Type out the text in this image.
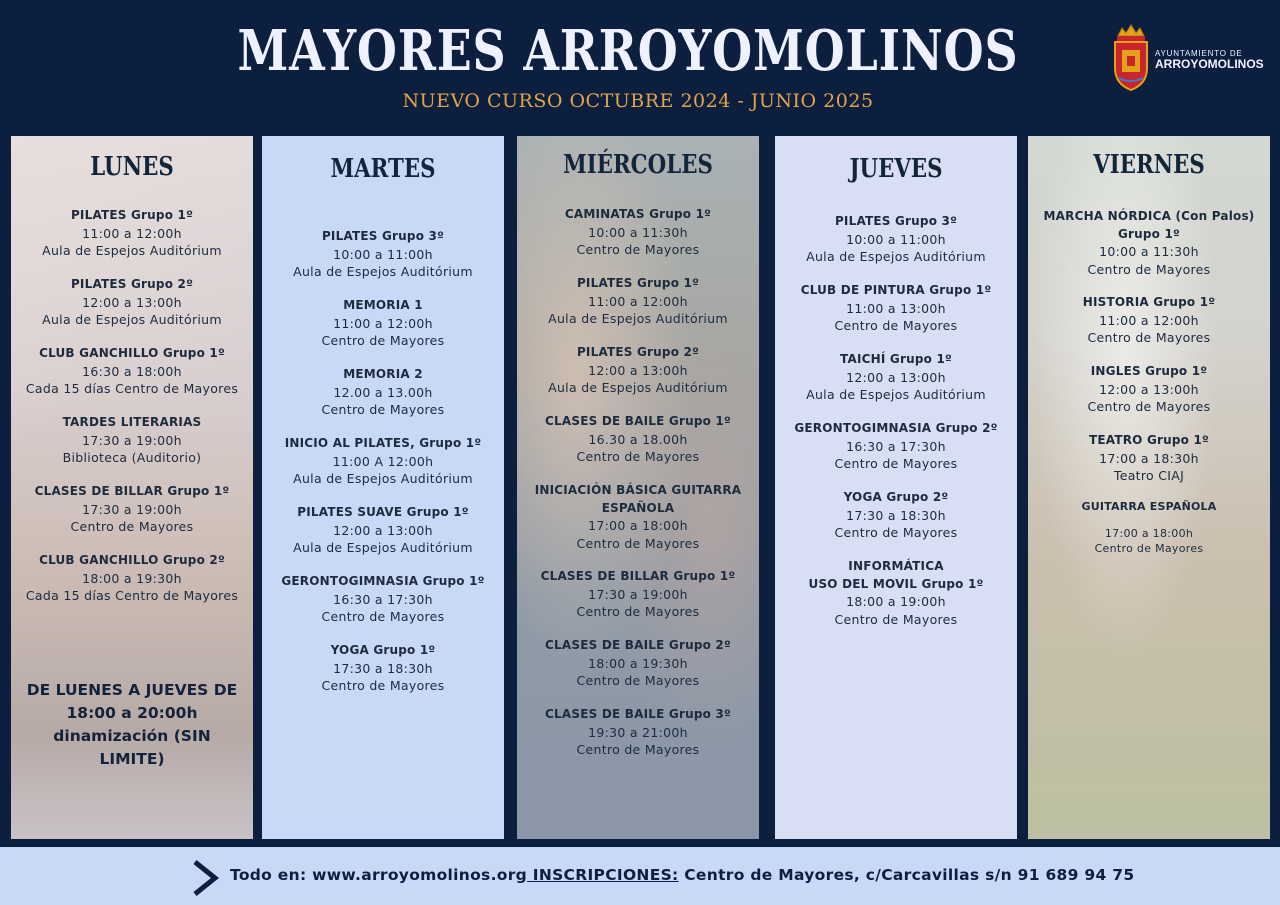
MAYORES ARROYOMOLINOS
NUEVO CURSO OCTUBRE 2024 - JUNIO 2025
AYUNTAMIENTO DE
ARROYOMOLINOS
LUNES
PILATES Grupo 1º
11:00 a 12:00h
Aula de Espejos Auditórium
PILATES Grupo 2º
12:00 a 13:00h
Aula de Espejos Auditórium
CLUB GANCHILLO Grupo 1º
16:30 a 18:00h
Cada 15 días Centro de Mayores
TARDES LITERARIAS
17:30 a 19:00h
Biblioteca (Auditorio)
CLASES DE BILLAR Grupo 1º
17:30 a 19:00h
Centro de Mayores
CLUB GANCHILLO Grupo 2º
18:00 a 19:30h
Cada 15 días Centro de Mayores
DE LUENES A JUEVES DE 18:00 a 20:00h dinamización (SIN LIMITE)
MARTES
PILATES Grupo 3º
10:00 a 11:00h
Aula de Espejos Auditórium
MEMORIA 1
11:00 a 12:00h
Centro de Mayores
MEMORIA 2
12.00 a 13.00h
Centro de Mayores
INICIO AL PILATES, Grupo 1º
11:00 A 12:00h
Aula de Espejos Auditórium
PILATES SUAVE Grupo 1º
12:00 a 13:00h
Aula de Espejos Auditórium
GERONTOGIMNASIA Grupo 1º
16:30 a 17:30h
Centro de Mayores
YOGA Grupo 1º
17:30 a 18:30h
Centro de Mayores
MIÉRCOLES
CAMINATAS Grupo 1º
10:00 a 11:30h
Centro de Mayores
PILATES Grupo 1º
11:00 a 12:00h
Aula de Espejos Auditórium
PILATES Grupo 2º
12:00 a 13:00h
Aula de Espejos Auditórium
CLASES DE BAILE Grupo 1º
16.30 a 18.00h
Centro de Mayores
INICIACIÓN BÁSICA GUITARRA ESPAÑOLA
17:00 a 18:00h
Centro de Mayores
CLASES DE BILLAR Grupo 1º
17:30 a 19:00h
Centro de Mayores
CLASES DE BAILE Grupo 2º
18:00 a 19:30h
Centro de Mayores
CLASES DE BAILE Grupo 3º
19:30 a 21:00h
Centro de Mayores
JUEVES
PILATES Grupo 3º
10:00 a 11:00h
Aula de Espejos Auditórium
CLUB DE PINTURA Grupo 1º
11:00 a 13:00h
Centro de Mayores
TAICHÍ Grupo 1º
12:00 a 13:00h
Aula de Espejos Auditórium
GERONTOGIMNASIA Grupo 2º
16:30 a 17:30h
Centro de Mayores
YOGA Grupo 2º
17:30 a 18:30h
Centro de Mayores
INFORMÁTICA
USO DEL MOVIL Grupo 1º
18:00 a 19:00h
Centro de Mayores
VIERNES
MARCHA NÓRDICA (Con Palos)
Grupo 1º
10:00 a 11:30h
Centro de Mayores
HISTORIA Grupo 1º
11:00 a 12:00h
Centro de Mayores
INGLES Grupo 1º
12:00 a 13:00h
Centro de Mayores
TEATRO Grupo 1º
17:00 a 18:30h
Teatro CIAJ
GUITARRA ESPAÑOLA
17:00 a 18:00h
Centro de Mayores
Todo en: www.arroyomolinos.org INSCRIPCIONES: Centro de Mayores, c/Carcavillas s/n 91 689 94 75
